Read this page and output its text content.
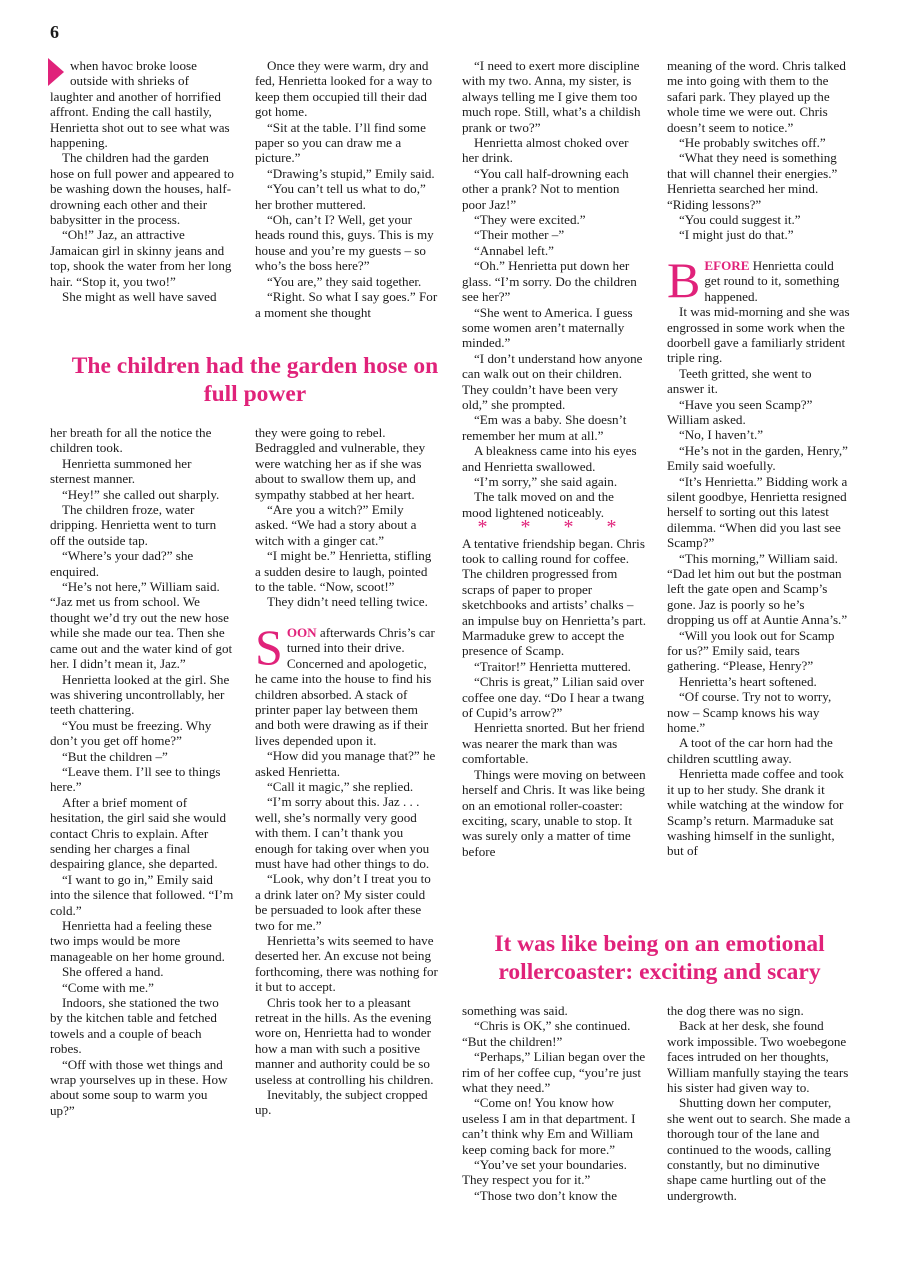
6

when havoc broke loose outside with shrieks of laughter and another of horrified affront. Ending the call hastily, Henrietta shot out to see what was happening.

The children had the garden hose on full power and appeared to be washing down the houses, half-drowning each other and their babysitter in the process.

“Oh!” Jaz, an attractive Jamaican girl in skinny jeans and top, shook the water from her long hair. “Stop it, you two!”

She might as well have saved

Once they were warm, dry and fed, Henrietta looked for a way to keep them occupied till their dad got home.

“Sit at the table. I’ll find some paper so you can draw me a picture.”

“Drawing’s stupid,” Emily said.

“You can’t tell us what to do,” her brother muttered.

“Oh, can’t I? Well, get your heads round this, guys. This is my house and you’re my guests – so who’s the boss here?”

“You are,” they said together.

“Right. So what I say goes.” For a moment she thought

The children had the garden hose on full power

her breath for all the notice the children took.

Henrietta summoned her sternest manner.

“Hey!” she called out sharply.

The children froze, water dripping. Henrietta went to turn off the outside tap.

“Where’s your dad?” she enquired.

“He’s not here,” William said. “Jaz met us from school. We thought we’d try out the new hose while she made our tea. Then she came out and the water kind of got her. I didn’t mean it, Jaz.”

Henrietta looked at the girl. She was shivering uncontrollably, her teeth chattering.

“You must be freezing. Why don’t you get off home?”

“But the children –”

“Leave them. I’ll see to things here.”

After a brief moment of hesitation, the girl said she would contact Chris to explain. After sending her charges a final despairing glance, she departed.

“I want to go in,” Emily said into the silence that followed. “I’m cold.”

Henrietta had a feeling these two imps would be more manageable on her home ground.

She offered a hand.

“Come with me.”

Indoors, she stationed the two by the kitchen table and fetched towels and a couple of beach robes.

“Off with those wet things and wrap yourselves up in these. How about some soup to warm you up?”

they were going to rebel. Bedraggled and vulnerable, they were watching her as if she was about to swallow them up, and sympathy stabbed at her heart.

“Are you a witch?” Emily asked. “We had a story about a witch with a ginger cat.”

“I might be.” Henrietta, stifling a sudden desire to laugh, pointed to the table. “Now, scoot!”

They didn’t need telling twice.

SOON afterwards Chris’s car turned into their drive. Concerned and apologetic, he came into the house to find his children absorbed. A stack of printer paper lay between them and both were drawing as if their lives depended upon it.

“How did you manage that?” he asked Henrietta.

“Call it magic,” she replied.

“I’m sorry about this. Jaz . . . well, she’s normally very good with them. I can’t thank you enough for taking over when you must have had other things to do.

“Look, why don’t I treat you to a drink later on? My sister could be persuaded to look after these two for me.”

Henrietta’s wits seemed to have deserted her. An excuse not being forthcoming, there was nothing for it but to accept.

Chris took her to a pleasant retreat in the hills. As the evening wore on, Henrietta had to wonder how a man with such a positive manner and authority could be so useless at controlling his children.

Inevitably, the subject cropped up.

“I need to exert more discipline with my two. Anna, my sister, is always telling me I give them too much rope. Still, what’s a childish prank or two?”

Henrietta almost choked over her drink.

“You call half-drowning each other a prank? Not to mention poor Jaz!”

“They were excited.”

“Their mother –”

“Annabel left.”

“Oh.” Henrietta put down her glass. “I’m sorry. Do the children see her?”

“She went to America. I guess some women aren’t maternally minded.”

“I don’t understand how anyone can walk out on their children. They couldn’t have been very old,” she prompted.

“Em was a baby. She doesn’t remember her mum at all.”

A bleakness came into his eyes and Henrietta swallowed.

“I’m sorry,” she said again.

The talk moved on and the mood lightened noticeably.

* * * *

A tentative friendship began. Chris took to calling round for coffee. The children progressed from scraps of paper to proper sketchbooks and artists’ chalks – an impulse buy on Henrietta’s part. Marmaduke grew to accept the presence of Scamp.

“Traitor!” Henrietta muttered.

“Chris is great,” Lilian said over coffee one day. “Do I hear a twang of Cupid’s arrow?”

Henrietta snorted. But her friend was nearer the mark than was comfortable.

Things were moving on between herself and Chris. It was like being on an emotional roller-coaster: exciting, scary, unable to stop. It was surely only a matter of time before

meaning of the word. Chris talked me into going with them to the safari park. They played up the whole time we were out. Chris doesn’t seem to notice.”

“He probably switches off.”

“What they need is something that will channel their energies.” Henrietta searched her mind. “Riding lessons?”

“You could suggest it.”

“I might just do that.”

BEFORE Henrietta could get round to it, something happened.

It was mid-morning and she was engrossed in some work when the doorbell gave a familiarly strident triple ring.

Teeth gritted, she went to answer it.

“Have you seen Scamp?” William asked.

“No, I haven’t.”

“He’s not in the garden, Henry,” Emily said woefully.

“It’s Henrietta.” Bidding work a silent goodbye, Henrietta resigned herself to sorting out this latest dilemma. “When did you last see Scamp?”

“This morning,” William said. “Dad let him out but the postman left the gate open and Scamp’s gone. Jaz is poorly so he’s dropping us off at Auntie Anna’s.”

“Will you look out for Scamp for us?” Emily said, tears gathering. “Please, Henry?”

Henrietta’s heart softened.

“Of course. Try not to worry, now – Scamp knows his way home.”

A toot of the car horn had the children scuttling away.

Henrietta made coffee and took it up to her study. She drank it while watching at the window for Scamp’s return. Marmaduke sat washing himself in the sunlight, but of

It was like being on an emotional rollercoaster: exciting and scary

something was said.

“Chris is OK,” she continued. “But the children!”

“Perhaps,” Lilian began over the rim of her coffee cup, “you’re just what they need.”

“Come on! You know how useless I am in that department. I can’t think why Em and William keep coming back for more.”

“You’ve set your boundaries. They respect you for it.”

“Those two don’t know the

the dog there was no sign.

Back at her desk, she found work impossible. Two woebegone faces intruded on her thoughts, William manfully staying the tears his sister had given way to.

Shutting down her computer, she went out to search. She made a thorough tour of the lane and continued to the woods, calling constantly, but no diminutive shape came hurtling out of the undergrowth.
